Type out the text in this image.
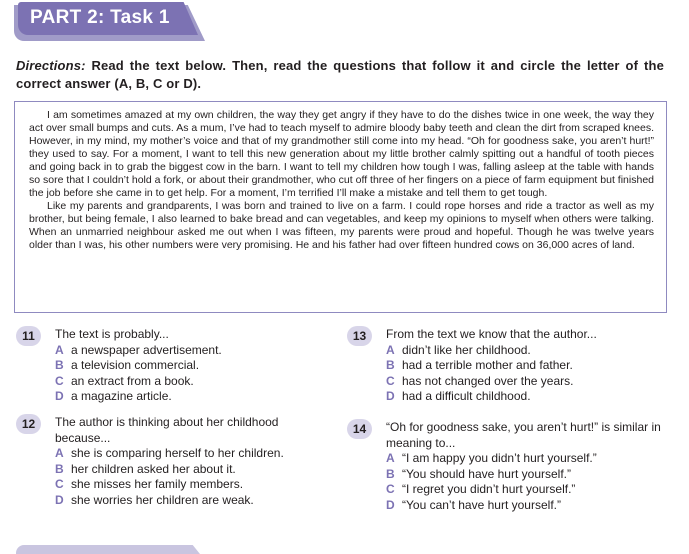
PART 2: Task 1
Directions: Read the text below. Then, read the questions that follow it and circle the letter of the correct answer (A, B, C or D).

I am sometimes amazed at my own children, the way they get angry if they have to do the dishes twice in one week, the way they act over small bumps and cuts. As a mum, I’ve had to teach myself to admire bloody baby teeth and clean the dirt from scraped knees. However, in my mind, my mother’s voice and that of my grandmother still come into my head. “Oh for goodness sake, you aren’t hurt!” they used to say. For a moment, I want to tell this new generation about my little brother calmly spitting out a handful of tooth pieces and going back in to grab the biggest cow in the barn. I want to tell my children how tough I was, falling asleep at the table with hands so sore that I couldn’t hold a fork, or about their grandmother, who cut off three of her fingers on a piece of farm equipment but finished the job before she came in to get help. For a moment, I’m terrified I’ll make a mistake and tell them to get tough.

Like my parents and grandparents, I was born and trained to live on a farm. I could rope horses and ride a tractor as well as my brother, but being female, I also learned to bake bread and can vegetables, and keep my opinions to myself when others were talking. When an unmarried neighbour asked me out when I was fifteen, my parents were proud and hopeful. Though he was twelve years older than I was, his other numbers were very promising. He and his father had over fifteen hundred cows on 36,000 acres of land.

11	The text is probably...
A a newspaper advertisement.
B a television commercial.
C an extract from a book.
D a magazine article.
12	The author is thinking about her childhood because...
A she is comparing herself to her children.
B her children asked her about it.
C she misses her family members.
D she worries her children are weak.
13	From the text we know that the author...
A didn’t like her childhood.
B had a terrible mother and father.
C has not changed over the years.
D had a difficult childhood.
14	“Oh for goodness sake, you aren’t hurt!” is similar in meaning to...
A “I am happy you didn’t hurt yourself.”
B “You should have hurt yourself.”
C “I regret you didn’t hurt yourself.”
D “You can’t have hurt yourself.”
